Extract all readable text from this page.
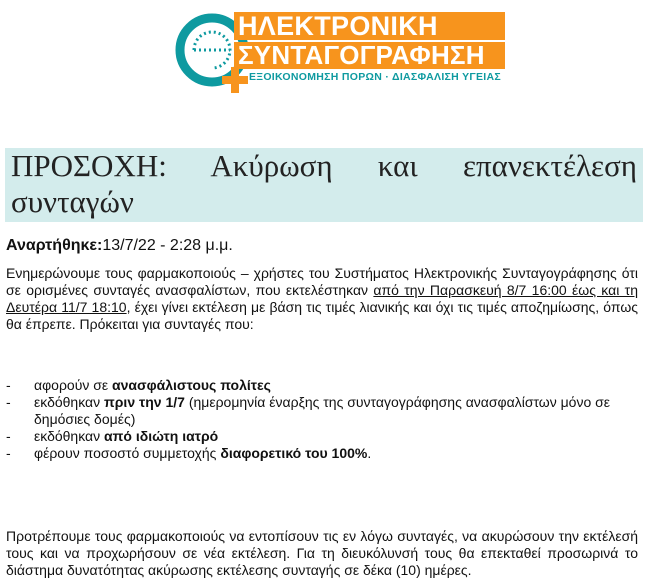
ΗΛΕΚΤΡΟΝΙΚΗ
ΣΥΝΤΑΓΟΓΡΑΦΗΣΗ
ΕΞΟΙΚΟΝΟΜΗΣΗ ΠΟΡΩΝ · ΔΙΑΣΦΑΛΙΣΗ ΥΓΕΙΑΣ
ΠΡΟΣΟΧΗ: Ακύρωση και επανεκτέλεση συνταγών
Αναρτήθηκε:13/7/22 - 2:28 μ.μ.

Ενημερώνουμε τους φαρμακοποιούς – χρήστες του Συστήματος Ηλεκτρονικής Συνταγογράφησης ότι σε ορισμένες συνταγές ανασφαλίστων, που εκτελέστηκαν από την Παρασκευή 8/7 16:00 έως και τη Δευτέρα 11/7 18:10, έχει γίνει εκτέλεση με βάση τις τιμές λιανικής και όχι τις τιμές αποζημίωσης, όπως θα έπρεπε. Πρόκειται για συνταγές που:

- αφορούν σε ανασφάλιστους πολίτες
- εκδόθηκαν πριν την 1/7 (ημερομηνία έναρξης της συνταγογράφησης ανασφαλίστων μόνο σε δημόσιες δομές)
- εκδόθηκαν από ιδιώτη ιατρό
- φέρουν ποσοστό συμμετοχής διαφορετικό του 100%.

Προτρέπουμε τους φαρμακοποιούς να εντοπίσουν τις εν λόγω συνταγές, να ακυρώσουν την εκτέλεσή τους και να προχωρήσουν σε νέα εκτέλεση. Για τη διευκόλυνσή τους θα επεκταθεί προσωρινά το διάστημα δυνατότητας ακύρωσης εκτέλεσης συνταγής σε δέκα (10) ημέρες.
